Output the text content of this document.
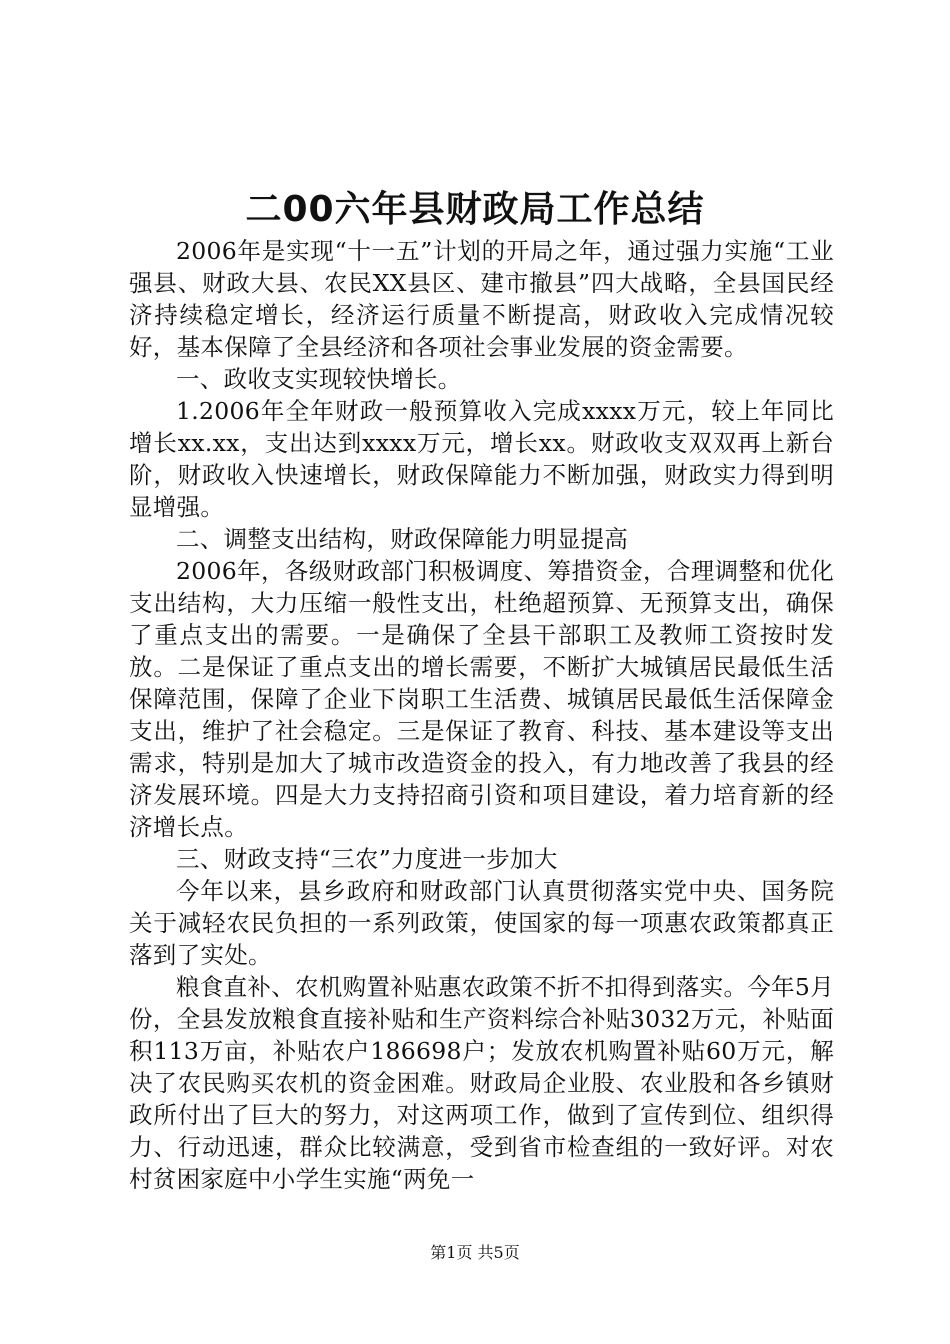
二00六年县财政局工作总结

2006年是实现“十一五”计划的开局之年，通过强力实施“工业强县、财政大县、农民XX县区、建市撤县”四大战略，全县国民经济持续稳定增长，经济运行质量不断提高，财政收入完成情况较好，基本保障了全县经济和各项社会事业发展的资金需要。

一、政收支实现较快增长。

1.2006年全年财政一般预算收入完成xxxx万元，较上年同比增长xx.xx，支出达到xxxx万元，增长xx。财政收支双双再上新台阶，财政收入快速增长，财政保障能力不断加强，财政实力得到明显增强。

二、调整支出结构，财政保障能力明显提高

2006年，各级财政部门积极调度、筹措资金，合理调整和优化支出结构，大力压缩一般性支出，杜绝超预算、无预算支出，确保了重点支出的需要。一是确保了全县干部职工及教师工资按时发放。二是保证了重点支出的增长需要，不断扩大城镇居民最低生活保障范围，保障了企业下岗职工生活费、城镇居民最低生活保障金支出，维护了社会稳定。三是保证了教育、科技、基本建设等支出需求，特别是加大了城市改造资金的投入，有力地改善了我县的经济发展环境。四是大力支持招商引资和项目建设，着力培育新的经济增长点。

三、财政支持“三农”力度进一步加大

今年以来，县乡政府和财政部门认真贯彻落实党中央、国务院关于减轻农民负担的一系列政策，使国家的每一项惠农政策都真正落到了实处。

粮食直补、农机购置补贴惠农政策不折不扣得到落实。今年5月份，全县发放粮食直接补贴和生产资料综合补贴3032万元，补贴面积113万亩，补贴农户186698户；发放农机购置补贴60万元，解决了农民购买农机的资金困难。财政局企业股、农业股和各乡镇财政所付出了巨大的努力，对这两项工作，做到了宣传到位、组织得力、行动迅速，群众比较满意，受到省市检查组的一致好评。对农村贫困家庭中小学生实施“两免一

第1页 共5页
